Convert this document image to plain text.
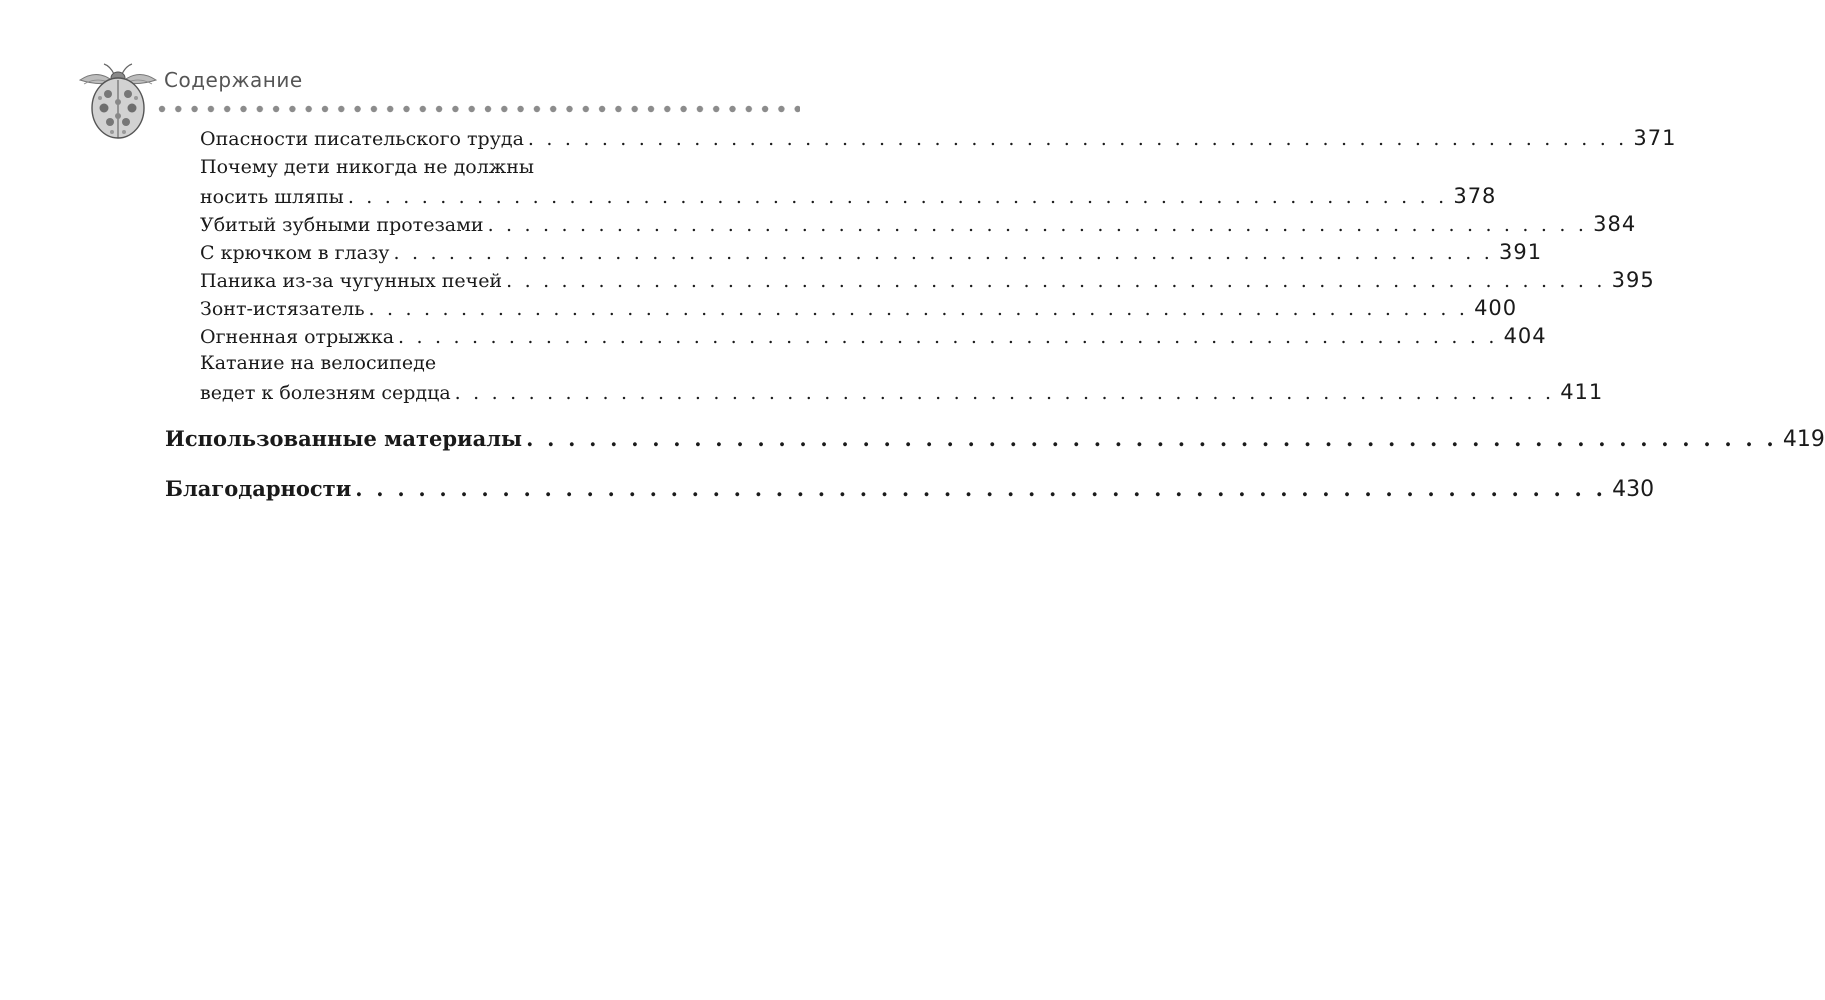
Содержание
Опасности писательского труда . . . . . . . . . . . . . . . . . . . . . . . . . . . . . . . . . . . . . . . . . . . . . . . . . . . . . . . . . . . . 371
Почему дети никогда не должны
носить шляпы . . . . . . . . . . . . . . . . . . . . . . . . . . . . . . . . . . . . . . . . . . . . . . . . . . . . . . . . . . . . 378
Убитый зубными протезами . . . . . . . . . . . . . . . . . . . . . . . . . . . . . . . . . . . . . . . . . . . . . . . . . . . . . . . . . . . . 384
С крючком в глазу . . . . . . . . . . . . . . . . . . . . . . . . . . . . . . . . . . . . . . . . . . . . . . . . . . . . . . . . . . . . 391
Паника из-за чугунных печей . . . . . . . . . . . . . . . . . . . . . . . . . . . . . . . . . . . . . . . . . . . . . . . . . . . . . . . . . . . . 395
Зонт-истязатель . . . . . . . . . . . . . . . . . . . . . . . . . . . . . . . . . . . . . . . . . . . . . . . . . . . . . . . . . . . . 400
Огненная отрыжка . . . . . . . . . . . . . . . . . . . . . . . . . . . . . . . . . . . . . . . . . . . . . . . . . . . . . . . . . . . . 404
Катание на велосипеде
ведет к болезням сердца . . . . . . . . . . . . . . . . . . . . . . . . . . . . . . . . . . . . . . . . . . . . . . . . . . . . . . . . . . . . 411
Использованные материалы . . . . . . . . . . . . . . . . . . . . . . . . . . . . . . . . . . . . . . . . . . . . . . . . . . . . . . . . . . . . 419
Благодарности . . . . . . . . . . . . . . . . . . . . . . . . . . . . . . . . . . . . . . . . . . . . . . . . . . . . . . . . . . . . 430
